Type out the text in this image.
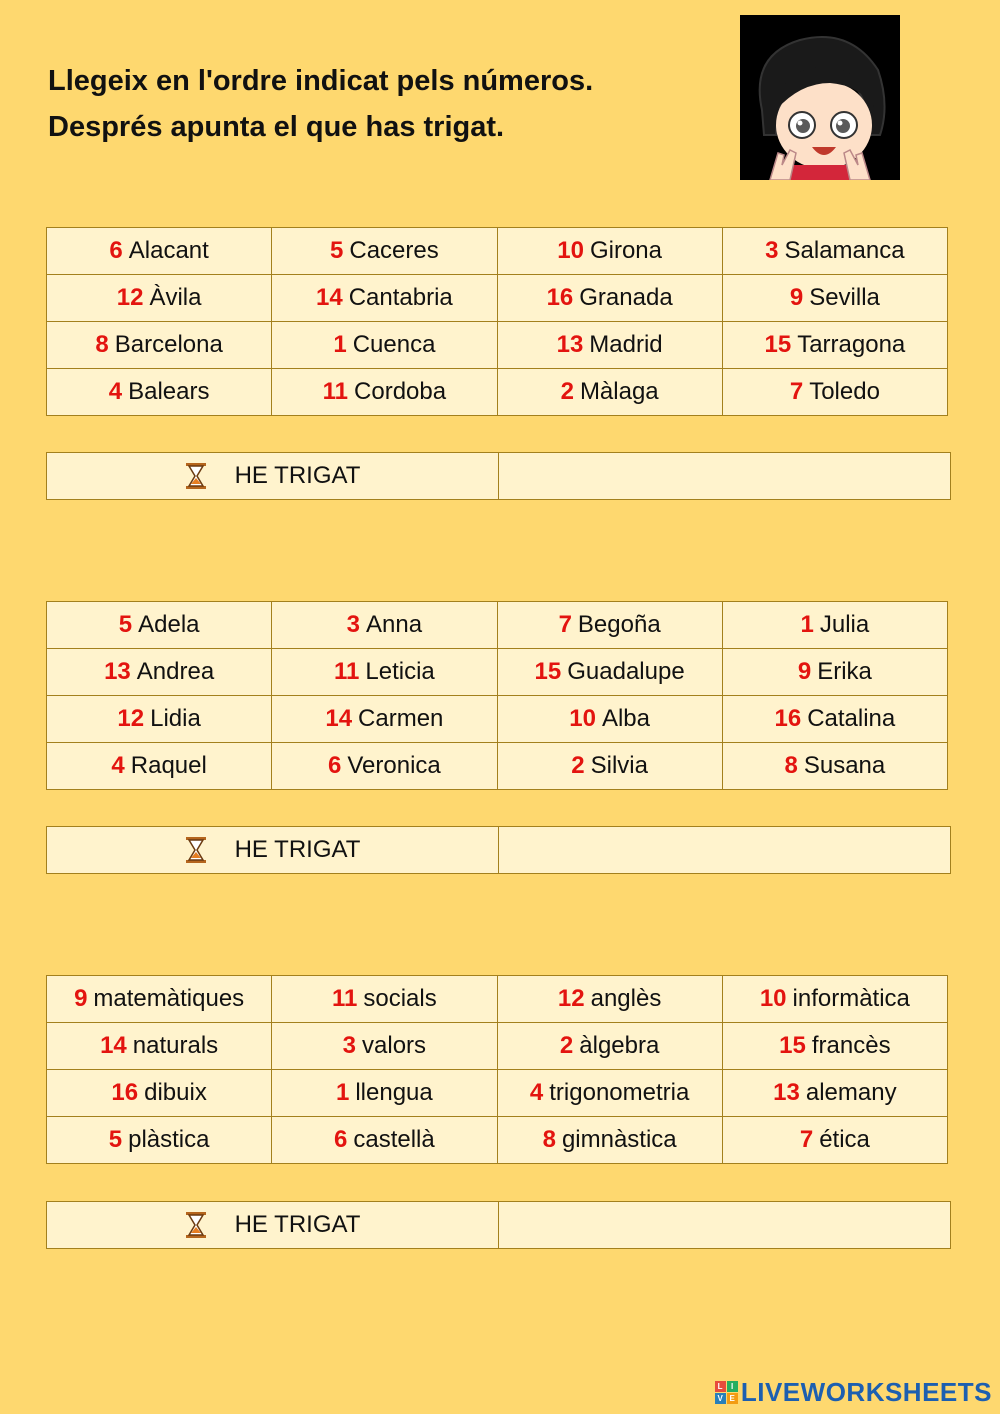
Llegeix en l'ordre indicat pels números.
Després apunta el que has trigat.
6 Alacant	5 Caceres	10 Girona	3 Salamanca
12 Àvila	14 Cantabria	16 Granada	9 Sevilla
8 Barcelona	1 Cuenca	13 Madrid	15 Tarragona
4 Balears	11 Cordoba	2 Màlaga	7 Toledo
HE TRIGAT
5 Adela	3 Anna	7 Begoña	1 Julia
13 Andrea	11 Leticia	15 Guadalupe	9 Erika
12 Lidia	14 Carmen	10 Alba	16 Catalina
4 Raquel	6 Veronica	2 Silvia	8 Susana
HE TRIGAT
9 matemàtiques	11 socials	12 anglès	10 informàtica
14 naturals	3 valors	2 àlgebra	15 francès
16 dibuix	1 llengua	4 trigonometria	13 alemany
5 plàstica	6 castellà	8 gimnàstica	7 ética
HE TRIGAT
L I
V E LIVEWORKSHEETS
